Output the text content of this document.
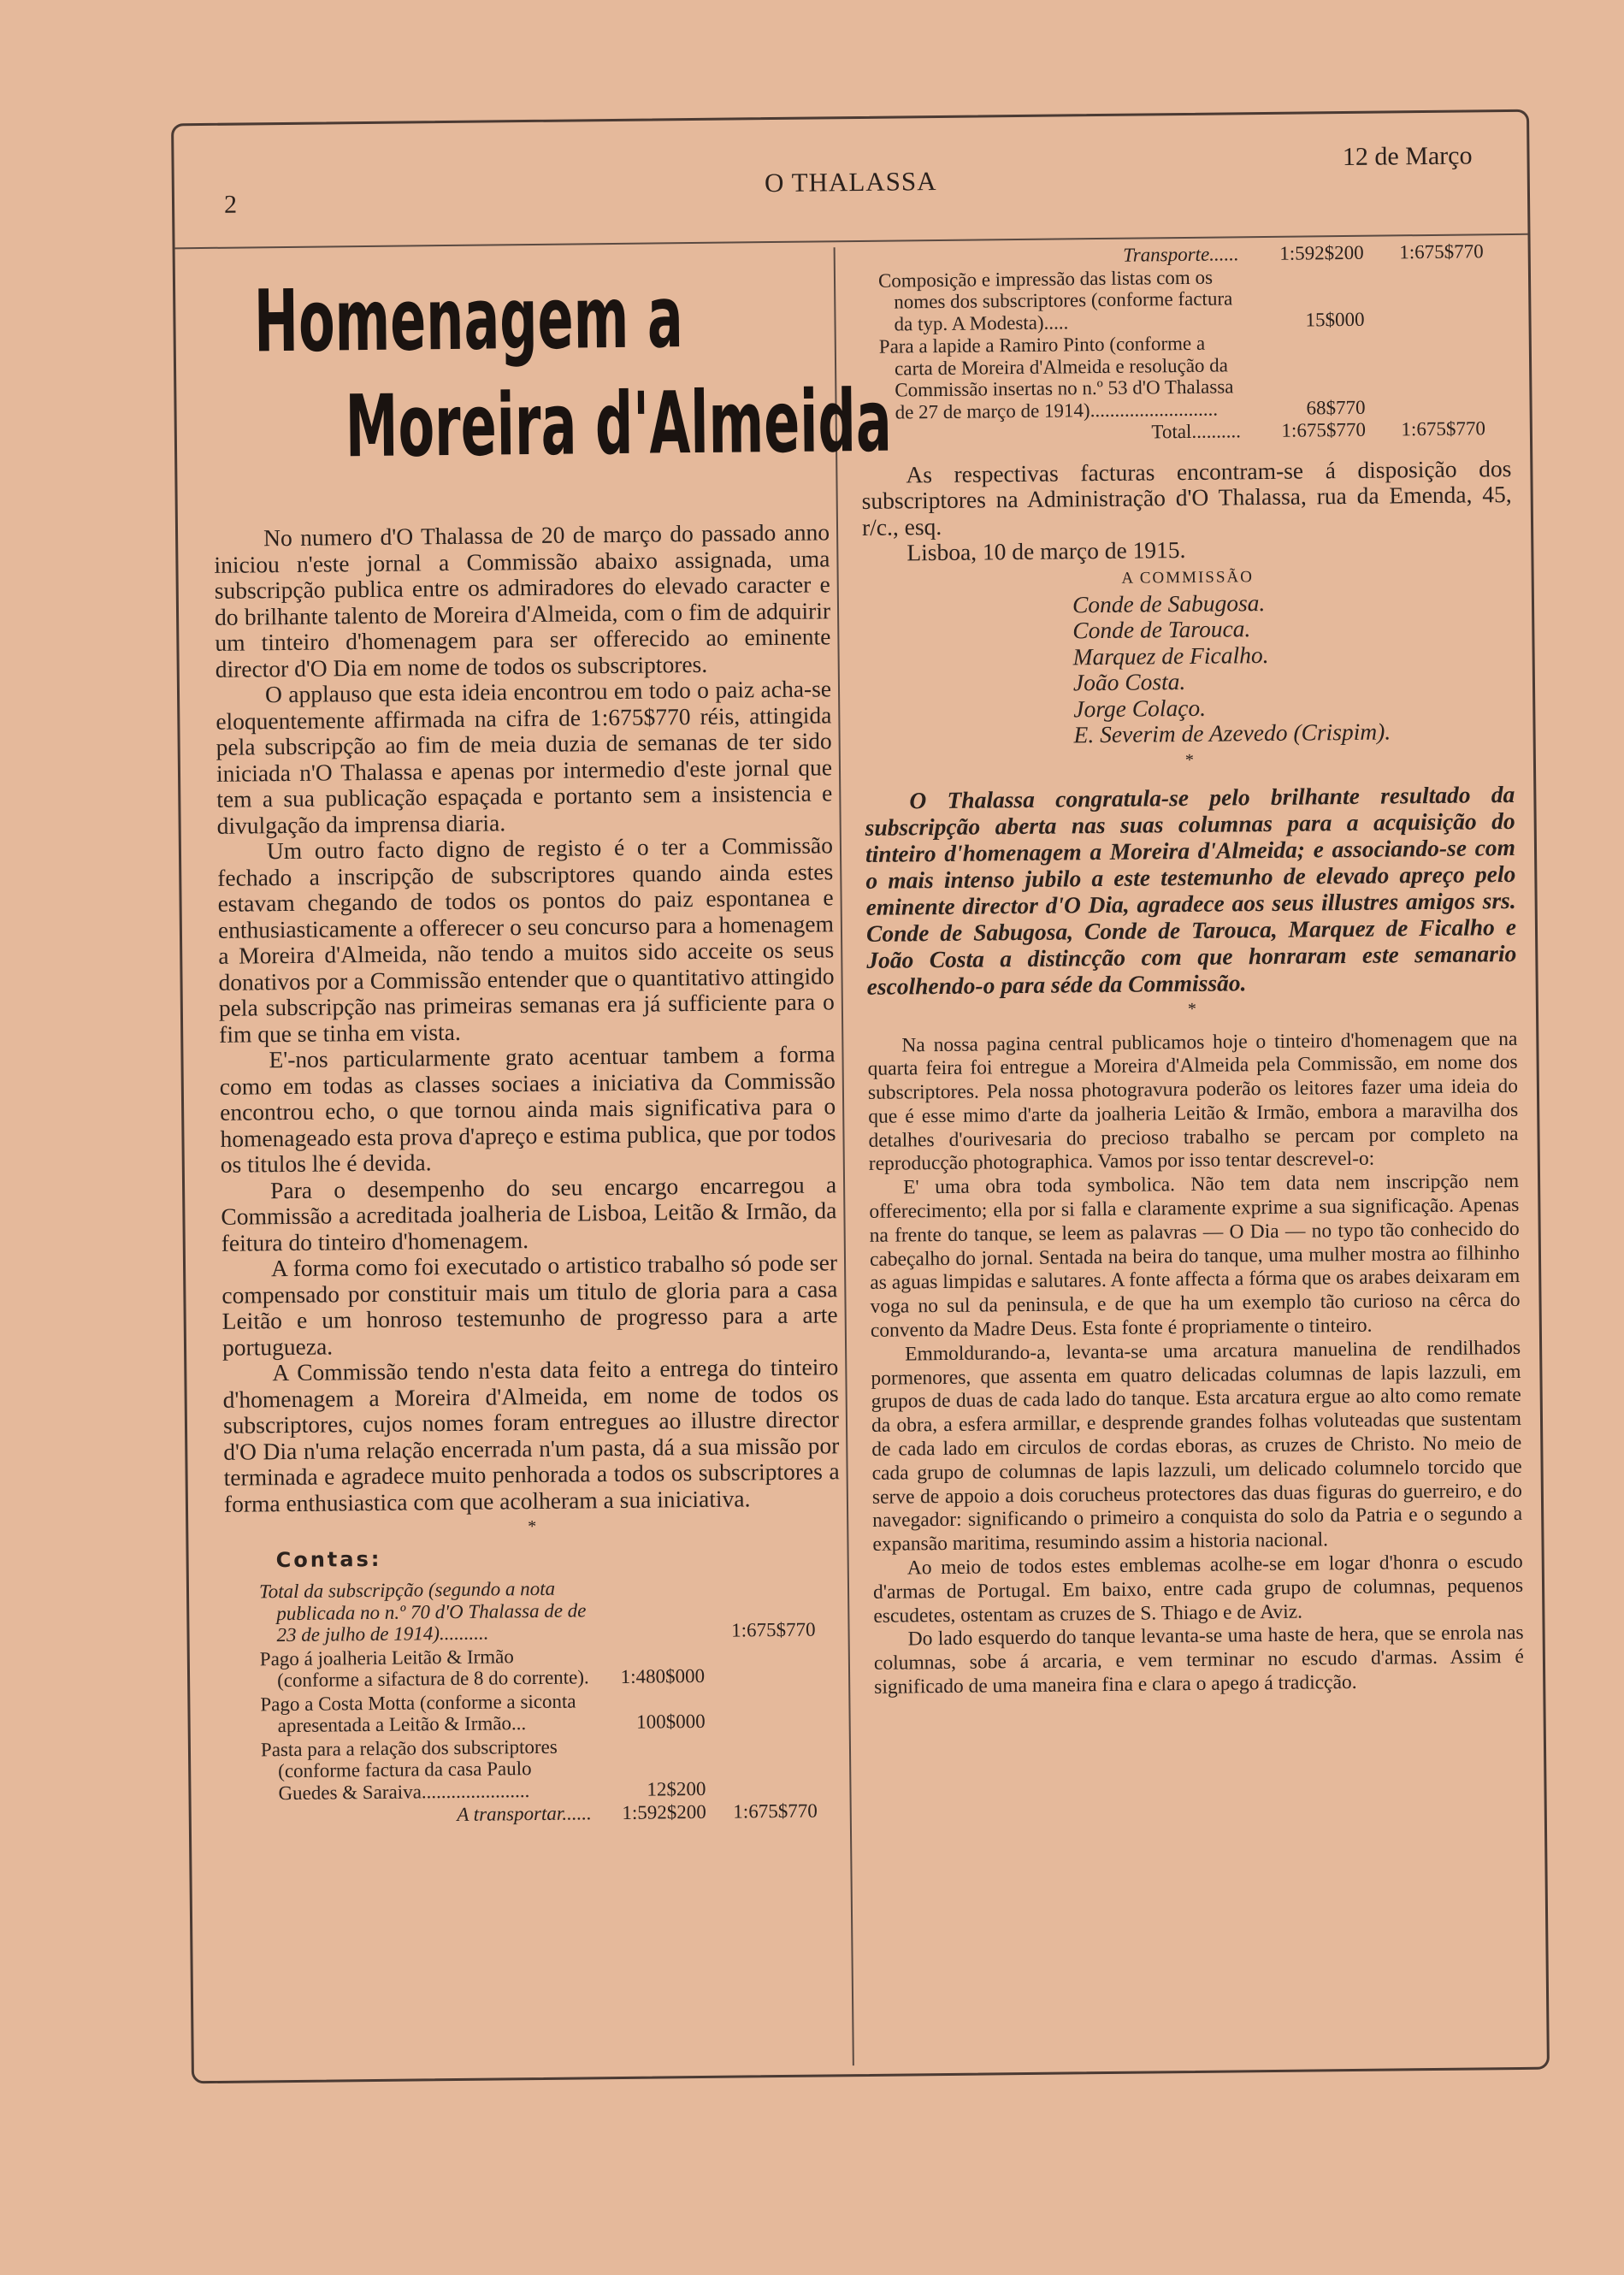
2
O THALASSA
12 de Março
Homenagem a
Moreira d'Almeida

No numero d'O Thalassa de 20 de março do passado anno iniciou n'este jornal a Commissão abaixo assignada, uma subscripção publica entre os admiradores do elevado caracter e do brilhante talento de Moreira d'Almeida, com o fim de adquirir um tinteiro d'homenagem para ser offerecido ao eminente director d'O Dia em nome de todos os subscriptores.

O applauso que esta ideia encontrou em todo o paiz acha-se eloquentemente affirmada na cifra de 1:675$770 réis, attingida pela subscripção ao fim de meia duzia de semanas de ter sido iniciada n'O Thalassa e apenas por intermedio d'este jornal que tem a sua publicação espaçada e portanto sem a insistencia e divulgação da imprensa diaria.

Um outro facto digno de registo é o ter a Commissão fechado a inscripção de subscriptores quando ainda estes estavam chegando de todos os pontos do paiz espontanea e enthusiasticamente a offerecer o seu concurso para a homenagem a Moreira d'Almeida, não tendo a muitos sido acceite os seus donativos por a Commissão entender que o quantitativo attingido pela subscripção nas primeiras semanas era já sufficiente para o fim que se tinha em vista.

E'-nos particularmente grato acentuar tambem a forma como em todas as classes sociaes a iniciativa da Commissão encontrou echo, o que tornou ainda mais significativa para o homenageado esta prova d'apreço e estima publica, que por todos os titulos lhe é devida.

Para o desempenho do seu encargo encarregou a Commissão a acreditada joalheria de Lisboa, Leitão & Irmão, da feitura do tinteiro d'homenagem.

A forma como foi executado o artistico trabalho só pode ser compensado por constituir mais um titulo de gloria para a casa Leitão e um honroso testemunho de progresso para a arte portugueza.

A Commissão tendo n'esta data feito a entrega do tinteiro d'homenagem a Moreira d'Almeida, em nome de todos os subscriptores, cujos nomes foram entregues ao illustre director d'O Dia n'uma relação encerrada n'um pasta, dá a sua missão por terminada e agradece muito penhorada a todos os subscriptores a forma enthusiastica com que acolheram a sua iniciativa.

*
Contas:
Total da subscripção (segundo a nota publicada no n.º 70 d'O Thalassa de de 23 de julho de 1914)..........	1:675$770
Pago á joalheria Leitão & Irmão (conforme a sifactura de 8 do corrente).	1:480$000
Pago a Costa Motta (conforme a siconta apresentada a Leitão & Irmão...	100$000
Pasta para a relação dos subscriptores (conforme factura da casa Paulo Guedes & Saraiva......................	12$200
A transportar......	1:592$200	1:675$770
Transporte......	1:592$200	1:675$770
Composição e impressão das listas com os nomes dos subscriptores (conforme factura da typ. A Modesta).....	15$000
Para a lapide a Ramiro Pinto (conforme a carta de Moreira d'Almeida e resolução da Commissão insertas no n.º 53 d'O Thalassa de 27 de março de 1914)..........................	68$770
Total..........	1:675$770	1:675$770

As respectivas facturas encontram-se á disposição dos subscriptores na Administração d'O Thalassa, rua da Emenda, 45, r/c., esq.

Lisboa, 10 de março de 1915.

A COMMISSÃO
Conde de Sabugosa.
Conde de Tarouca.
Marquez de Ficalho.
João Costa.
Jorge Colaço.
E. Severim de Azevedo (Crispim).
*

O Thalassa congratula-se pelo brilhante resultado da subscripção aberta nas suas columnas para a acquisição do tinteiro d'homenagem a Moreira d'Almeida; e associando-se com o mais intenso jubilo a este testemunho de elevado apreço pelo eminente director d'O Dia, agradece aos seus illustres amigos srs. Conde de Sabugosa, Conde de Tarouca, Marquez de Ficalho e João Costa a distincção com que honraram este semanario escolhendo-o para séde da Commissão.

*

Na nossa pagina central publicamos hoje o tinteiro d'homenagem que na quarta feira foi entregue a Moreira d'Almeida pela Commissão, em nome dos subscriptores. Pela nossa photogravura poderão os leitores fazer uma ideia do que é esse mimo d'arte da joalheria Leitão & Irmão, embora a maravilha dos detalhes d'ourivesaria do precioso trabalho se percam por completo na reproducção photographica. Vamos por isso tentar descrevel-o:

E' uma obra toda symbolica. Não tem data nem inscripção nem offerecimento; ella por si falla e claramente exprime a sua significação. Apenas na frente do tanque, se leem as palavras — O Dia — no typo tão conhecido do cabeçalho do jornal. Sentada na beira do tanque, uma mulher mostra ao filhinho as aguas limpidas e salutares. A fonte affecta a fórma que os arabes deixaram em voga no sul da peninsula, e de que ha um exemplo tão curioso na cêrca do convento da Madre Deus. Esta fonte é propriamente o tinteiro.

Emmoldurando-a, levanta-se uma arcatura manuelina de rendilhados pormenores, que assenta em quatro delicadas columnas de lapis lazzuli, em grupos de duas de cada lado do tanque. Esta arcatura ergue ao alto como remate da obra, a esfera armillar, e desprende grandes folhas voluteadas que sustentam de cada lado em circulos de cordas eboras, as cruzes de Christo. No meio de cada grupo de columnas de lapis lazzuli, um delicado columnelo torcido que serve de appoio a dois corucheus protectores das duas figuras do guerreiro, e do navegador: significando o primeiro a conquista do solo da Patria e o segundo a expansão maritima, resumindo assim a historia nacional.

Ao meio de todos estes emblemas acolhe-se em logar d'honra o escudo d'armas de Portugal. Em baixo, entre cada grupo de columnas, pequenos escudetes, ostentam as cruzes de S. Thiago e de Aviz.

Do lado esquerdo do tanque levanta-se uma haste de hera, que se enrola nas columnas, sobe á arcaria, e vem terminar no escudo d'armas. Assim é significado de uma maneira fina e clara o apego á tradicção.
